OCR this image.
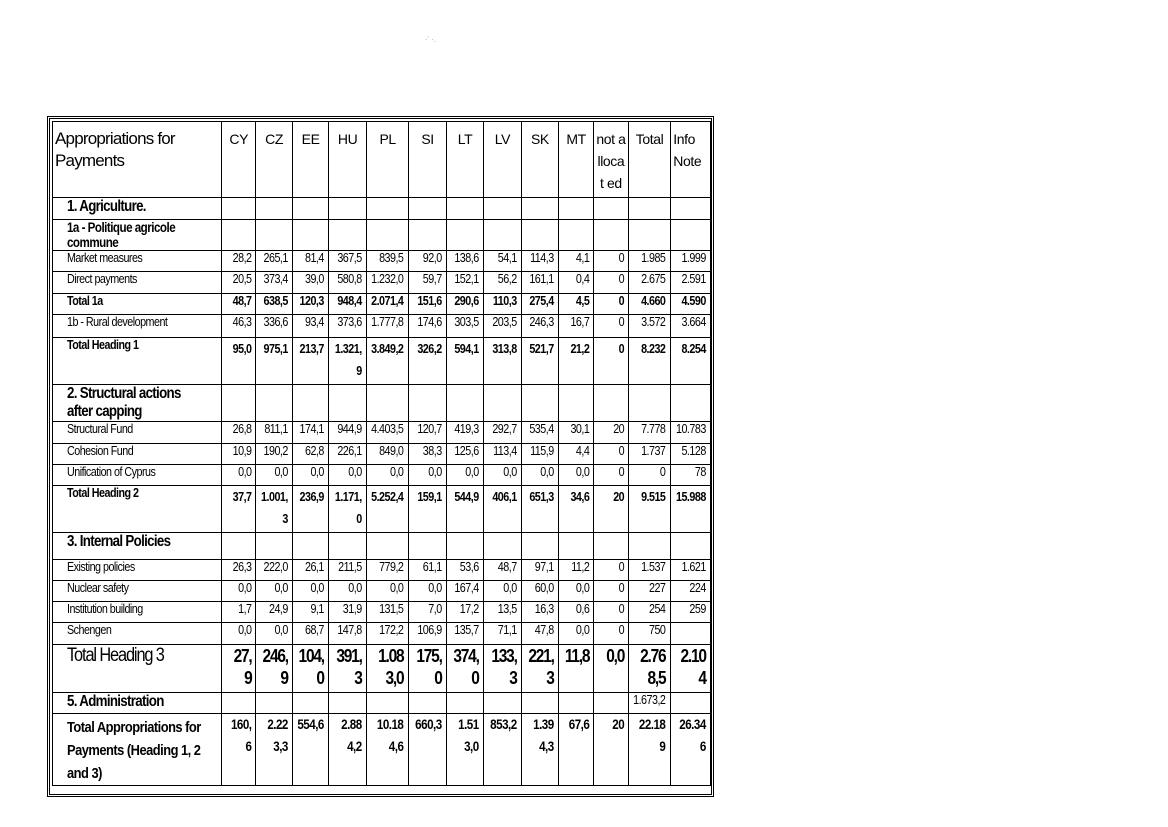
· ̈ ·.
Appropriations for Payments	CY	CZ	EE	HU	PL	SI	LT	LV	SK	MT	not allocat ed	Total	Info Note
1. Agriculture.													
1a - Politique agricole commune													
Market measures	28,2	265,1	81,4	367,5	839,5	92,0	138,6	54,1	114,3	4,1	0	1.985	1.999
Direct payments	20,5	373,4	39,0	580,8	1.232,0	59,7	152,1	56,2	161,1	0,4	0	2.675	2.591
Total 1a	48,7	638,5	120,3	948,4	2.071,4	151,6	290,6	110,3	275,4	4,5	0	4.660	4.590
1b - Rural development	46,3	336,6	93,4	373,6	1.777,8	174,6	303,5	203,5	246,3	16,7	0	3.572	3.664
Total Heading 1	95,0	975,1	213,7	1.321,9	3.849,2	326,2	594,1	313,8	521,7	21,2	0	8.232	8.254
2. Structural actions after capping													
Structural Fund	26,8	811,1	174,1	944,9	4.403,5	120,7	419,3	292,7	535,4	30,1	20	7.778	10.783
Cohesion Fund	10,9	190,2	62,8	226,1	849,0	38,3	125,6	113,4	115,9	4,4	0	1.737	5.128
Unification of Cyprus	0,0	0,0	0,0	0,0	0,0	0,0	0,0	0,0	0,0	0,0	0	0	78
Total Heading 2	37,7	1.001,3	236,9	1.171,0	5.252,4	159,1	544,9	406,1	651,3	34,6	20	9.515	15.988
3. Internal Policies													
Existing policies	26,3	222,0	26,1	211,5	779,2	61,1	53,6	48,7	97,1	11,2	0	1.537	1.621
Nuclear safety	0,0	0,0	0,0	0,0	0,0	0,0	167,4	0,0	60,0	0,0	0	227	224
Institution building	1,7	24,9	9,1	31,9	131,5	7,0	17,2	13,5	16,3	0,6	0	254	259
Schengen	0,0	0,0	68,7	147,8	172,2	106,9	135,7	71,1	47,8	0,0	0	750	
Total Heading 3	27,9	246,9	104,0	391,3	1.083,0	175,0	374,0	133,3	221,3	11,8	0,0	2.768,5	2.104
5. Administration												1.673,2	
Total Appropriations for Payments (Heading 1, 2 and 3)	160,6	2.223,3	554,6	2.884,2	10.184,6	660,3	1.513,0	853,2	1.394,3	67,6	20	22.189	26.346
